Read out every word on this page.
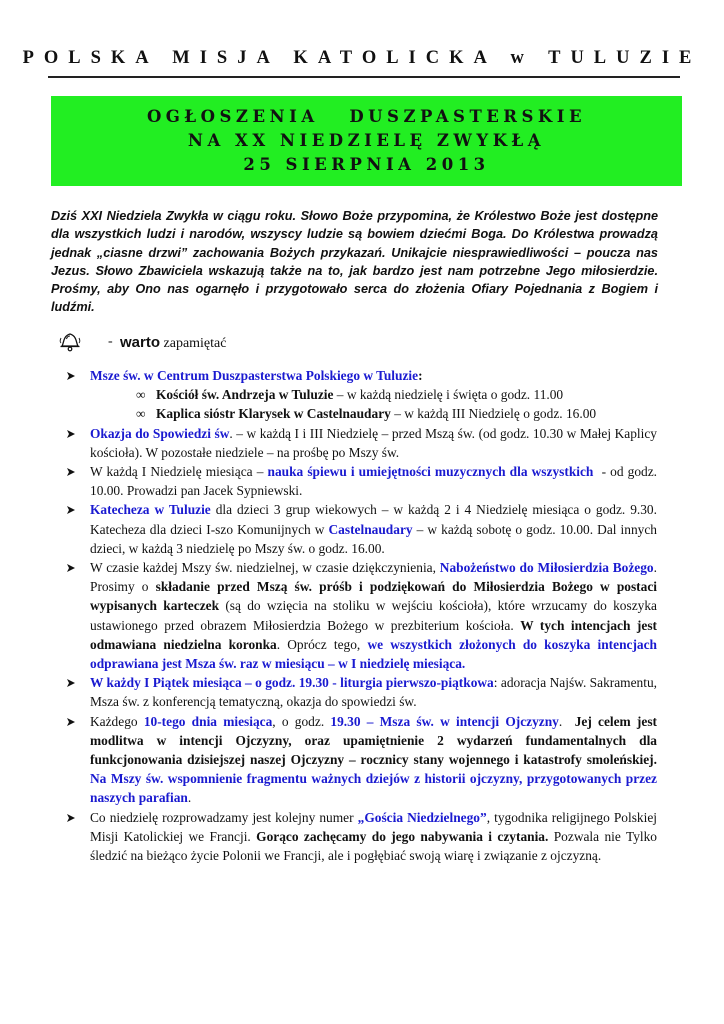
POLSKA MISJA KATOLICKA w TULUZIE
OGŁOSZENIA   DUSZPASTERSKIE
NA XX NIEDZIELĘ ZWYKŁĄ
25 SIERPNIA 2013
Dziś XXI Niedziela Zwykła w ciągu roku. Słowo Boże przypomina, że Królestwo Boże jest dostępne dla wszystkich ludzi i narodów, wszyscy ludzie są bowiem dziećmi Boga. Do Królestwa prowadzą jednak „ciasne drzwi” zachowania Bożych przykazań. Unikajcie niesprawiedliwości – poucza nas Jezus. Słowo Zbawiciela wskazują także na to, jak bardzo jest nam potrzebne Jego miłosierdzie. Prośmy, aby Ono nas ogarnęło i przygotowało serca do złożenia Ofiary Pojednania z Bogiem i ludźmi.
- warto zapamiętać
Msze św. w Centrum Duszpasterstwa Polskiego w Tuluzie:
∞ Kościół św. Andrzeja w Tuluzie – w każdą niedzielę i święta o godz. 11.00
∞ Kaplica sióstr Klarysek w Castelnaudary – w każdą III Niedzielę o godz. 16.00
Okazja do Spowiedzi św. – w każdą I i III Niedzielę – przed Mszą św. (od godz. 10.30 w Małej Kaplicy kościoła). W pozostałe niedziele – na prośbę po Mszy św.
W każdą I Niedzielę miesiąca – nauka śpiewu i umiejętności muzycznych dla wszystkich  - od godz. 10.00. Prowadzi pan Jacek Sypniewski.
Katecheza w Tuluzie dla dzieci 3 grup wiekowych – w każdą 2 i 4 Niedzielę miesiąca o godz. 9.30. Katecheza dla dzieci I-szo Komunijnych w Castelnaudary – w każdą sobotę o godz. 10.00. Dal innych dzieci, w każdą 3 niedzielę po Mszy św. o godz. 16.00.
W czasie każdej Mszy św. niedzielnej, w czasie dziękczynienia, Nabożeństwo do Miłosierdzia Bożego. Prosimy o składanie przed Mszą św. próśb i podziękowań do Miłosierdzia Bożego w postaci wypisanych karteczek (są do wzięcia na stoliku w wejściu kościoła), które wrzucamy do koszyka ustawionego przed obrazem Miłosierdzia Bożego w prezbiterium kościoła. W tych intencjach jest odmawiana niedzielna koronka. Oprócz tego, we wszystkich złożonych do koszyka intencjach odprawiana jest Msza św. raz w miesiącu – w I niedzielę miesiąca.
W każdy I Piątek miesiąca – o godz. 19.30 - liturgia pierwszo-piątkowa: adoracja Najśw. Sakramentu, Msza św. z konferencją tematyczną, okazja do spowiedzi św.
Każdego 10-tego dnia miesiąca, o godz. 19.30 – Msza św. w intencji Ojczyzny.  Jej celem jest modlitwa w intencji Ojczyzny, oraz upamiętnienie 2 wydarzeń fundamentalnych dla funkcjonowania dzisiejszej naszej Ojczyzny – rocznicy stany wojennego i katastrofy smoleńskiej. Na Mszy św. wspomnienie fragmentu ważnych dziejów z historii ojczyzny, przygotowanych przez naszych parafian.
Co niedzielę rozprowadzamy jest kolejny numer „Gościa Niedzielnego”, tygodnika religijnego Polskiej Misji Katolickiej we Francji. Gorąco zachęcamy do jego nabywania i czytania. Pozwala nie Tylko śledzić na bieżąco życie Polonii we Francji, ale i pogłębiać swoją wiarę i związanie z ojczyzną.
